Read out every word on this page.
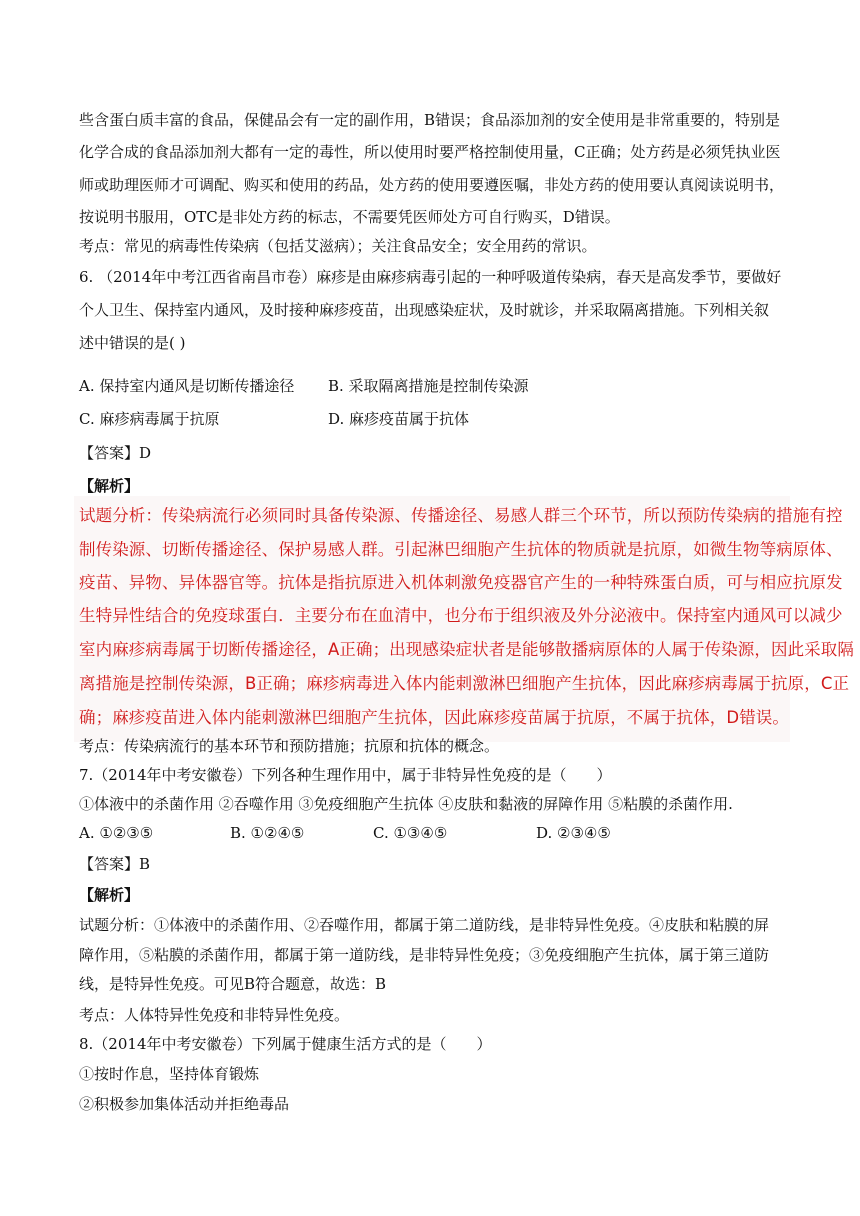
些含蛋白质丰富的食品，保健品会有一定的副作用，B错误；食品添加剂的安全使用是非常重要的，特别是
化学合成的食品添加剂大都有一定的毒性，所以使用时要严格控制使用量，C正确；处方药是必须凭执业医
师或助理医师才可调配、购买和使用的药品，处方药的使用要遵医嘱，非处方药的使用要认真阅读说明书，
按说明书服用，OTC是非处方药的标志，不需要凭医师处方可自行购买，D错误。
考点：常见的病毒性传染病（包括艾滋病）；关注食品安全；安全用药的常识。
6. （2014年中考江西省南昌市卷）麻疹是由麻疹病毒引起的一种呼吸道传染病，春天是高发季节，要做好
个人卫生、保持室内通风，及时接种麻疹疫苗，出现感染症状，及时就诊，并采取隔离措施。下列相关叙
述中错误的是( )
A. 保持室内通风是切断传播途径 B. 采取隔离措施是控制传染源
C. 麻疹病毒属于抗原	D. 麻疹疫苗属于抗体
【答案】D
【解析】
试题分析：传染病流行必须同时具备传染源、传播途径、易感人群三个环节，所以预防传染病的措施有控
制传染源、切断传播途径、保护易感人群。引起淋巴细胞产生抗体的物质就是抗原，如微生物等病原体、
疫苗、异物、异体器官等。抗体是指抗原进入机体刺激免疫器官产生的一种特殊蛋白质，可与相应抗原发
生特异性结合的免疫球蛋白．主要分布在血清中，也分布于组织液及外分泌液中。保持室内通风可以减少
室内麻疹病毒属于切断传播途径，A正确；出现感染症状者是能够散播病原体的人属于传染源，因此采取隔
离措施是控制传染源，B正确；麻疹病毒进入体内能刺激淋巴细胞产生抗体，因此麻疹病毒属于抗原，C正
确；麻疹疫苗进入体内能刺激淋巴细胞产生抗体，因此麻疹疫苗属于抗原，不属于抗体，D错误。
考点：传染病流行的基本环节和预防措施；抗原和抗体的概念。
7.（2014年中考安徽卷）下列各种生理作用中，属于非特异性免疫的是（　　）
①体液中的杀菌作用 ②吞噬作用 ③免疫细胞产生抗体 ④皮肤和黏液的屏障作用 ⑤粘膜的杀菌作用.
A. ①②③⑤	B. ①②④⑤	C. ①③④⑤	D. ②③④⑤
【答案】B
【解析】
试题分析：①体液中的杀菌作用、②吞噬作用，都属于第二道防线，是非特异性免疫。④皮肤和粘膜的屏
障作用，⑤粘膜的杀菌作用，都属于第一道防线，是非特异性免疫；③免疫细胞产生抗体，属于第三道防
线，是特异性免疫。可见B符合题意，故选：B
考点：人体特异性免疫和非特异性免疫。
8.（2014年中考安徽卷）下列属于健康生活方式的是（　　）
①按时作息，坚持体育锻炼
②积极参加集体活动并拒绝毒品
